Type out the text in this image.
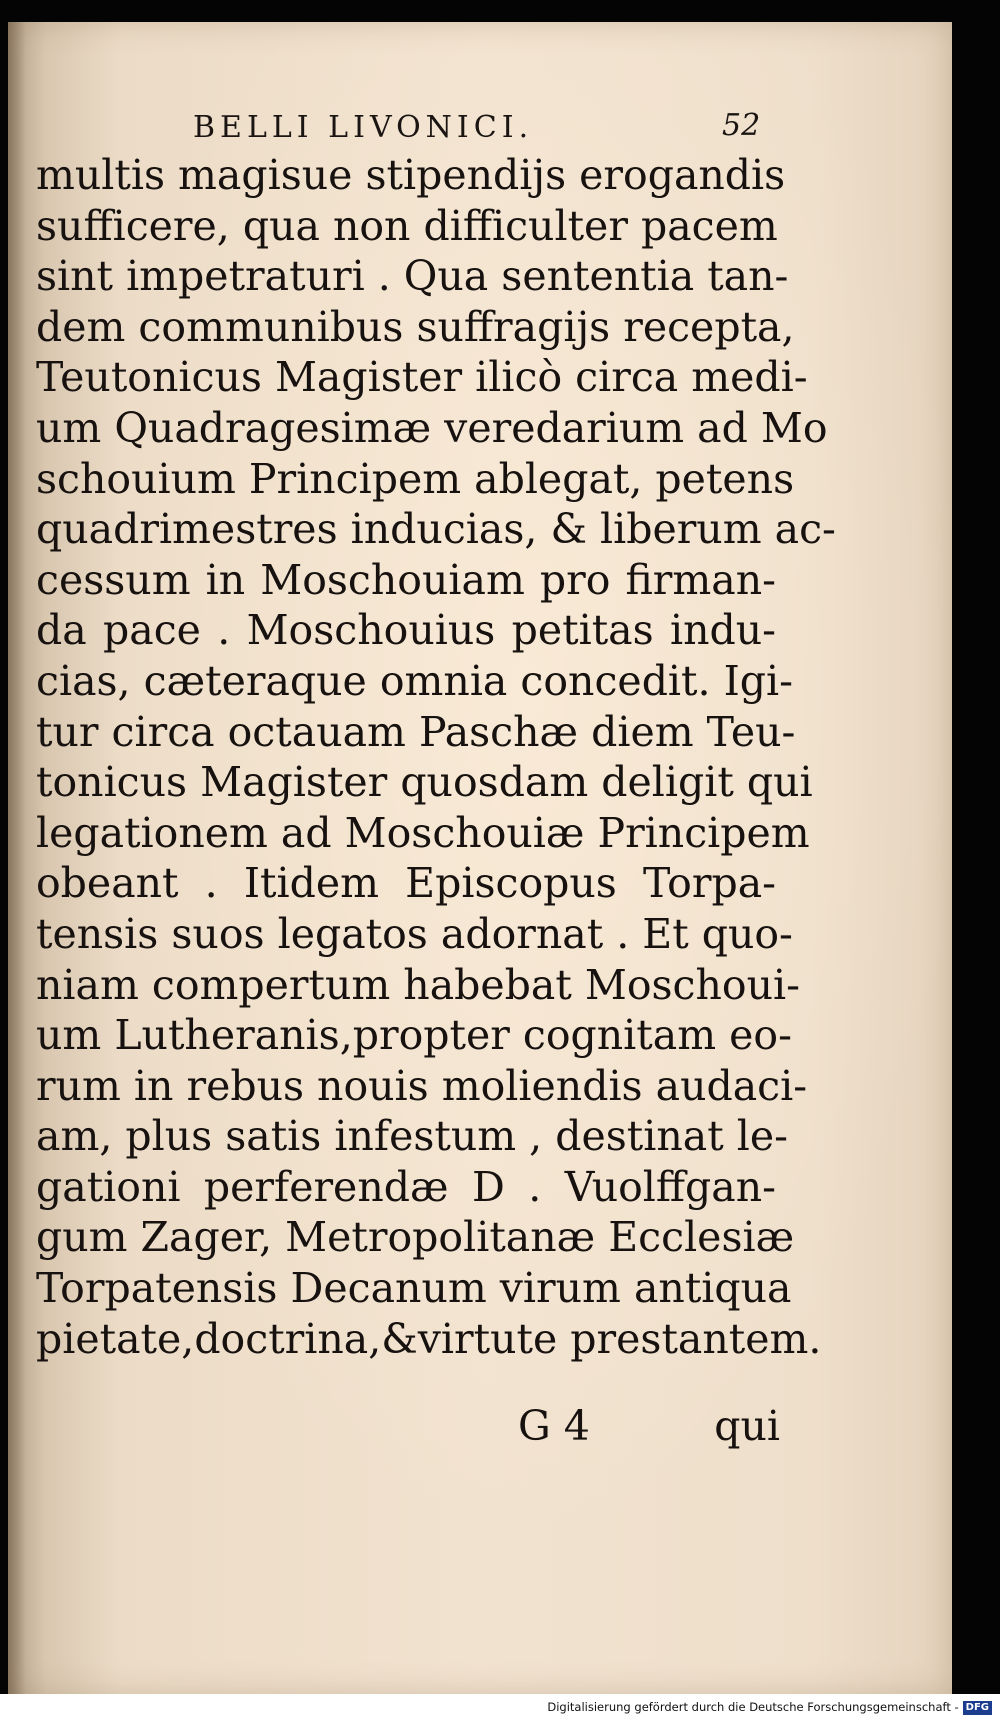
BELLI LIVONICI.	52
multis magisue stipendijs erogandis
sufficere, qua non difficulter pacem
sint impetraturi . Qua sententia tan-
dem communibus suffragijs recepta,
Teutonicus Magister ilicò circa medi-
um Quadragesimæ veredarium ad Mo
schouium Principem ablegat, petens
quadrimestres inducias, & liberum ac-
cessum in Moschouiam pro firman-
da pace . Moschouius petitas indu-
cias, cæteraque omnia concedit. Igi-
tur circa octauam Paschæ diem Teu-
tonicus Magister quosdam deligit qui
legationem ad Moschouiæ Principem
obeant . Itidem Episcopus Torpa-
tensis suos legatos adornat . Et quo-
niam compertum habebat Moschoui-
um Lutheranis,propter cognitam eo-
rum in rebus nouis moliendis audaci-
am, plus satis infestum , destinat le-
gationi perferendæ D . Vuolffgan-
gum Zager, Metropolitanæ Ecclesiæ
Torpatensis Decanum virum antiqua
pietate,doctrina,&virtute prestantem.
G 4	qui
Digitalisierung gefördert durch die Deutsche Forschungsgemeinschaft - DFG
